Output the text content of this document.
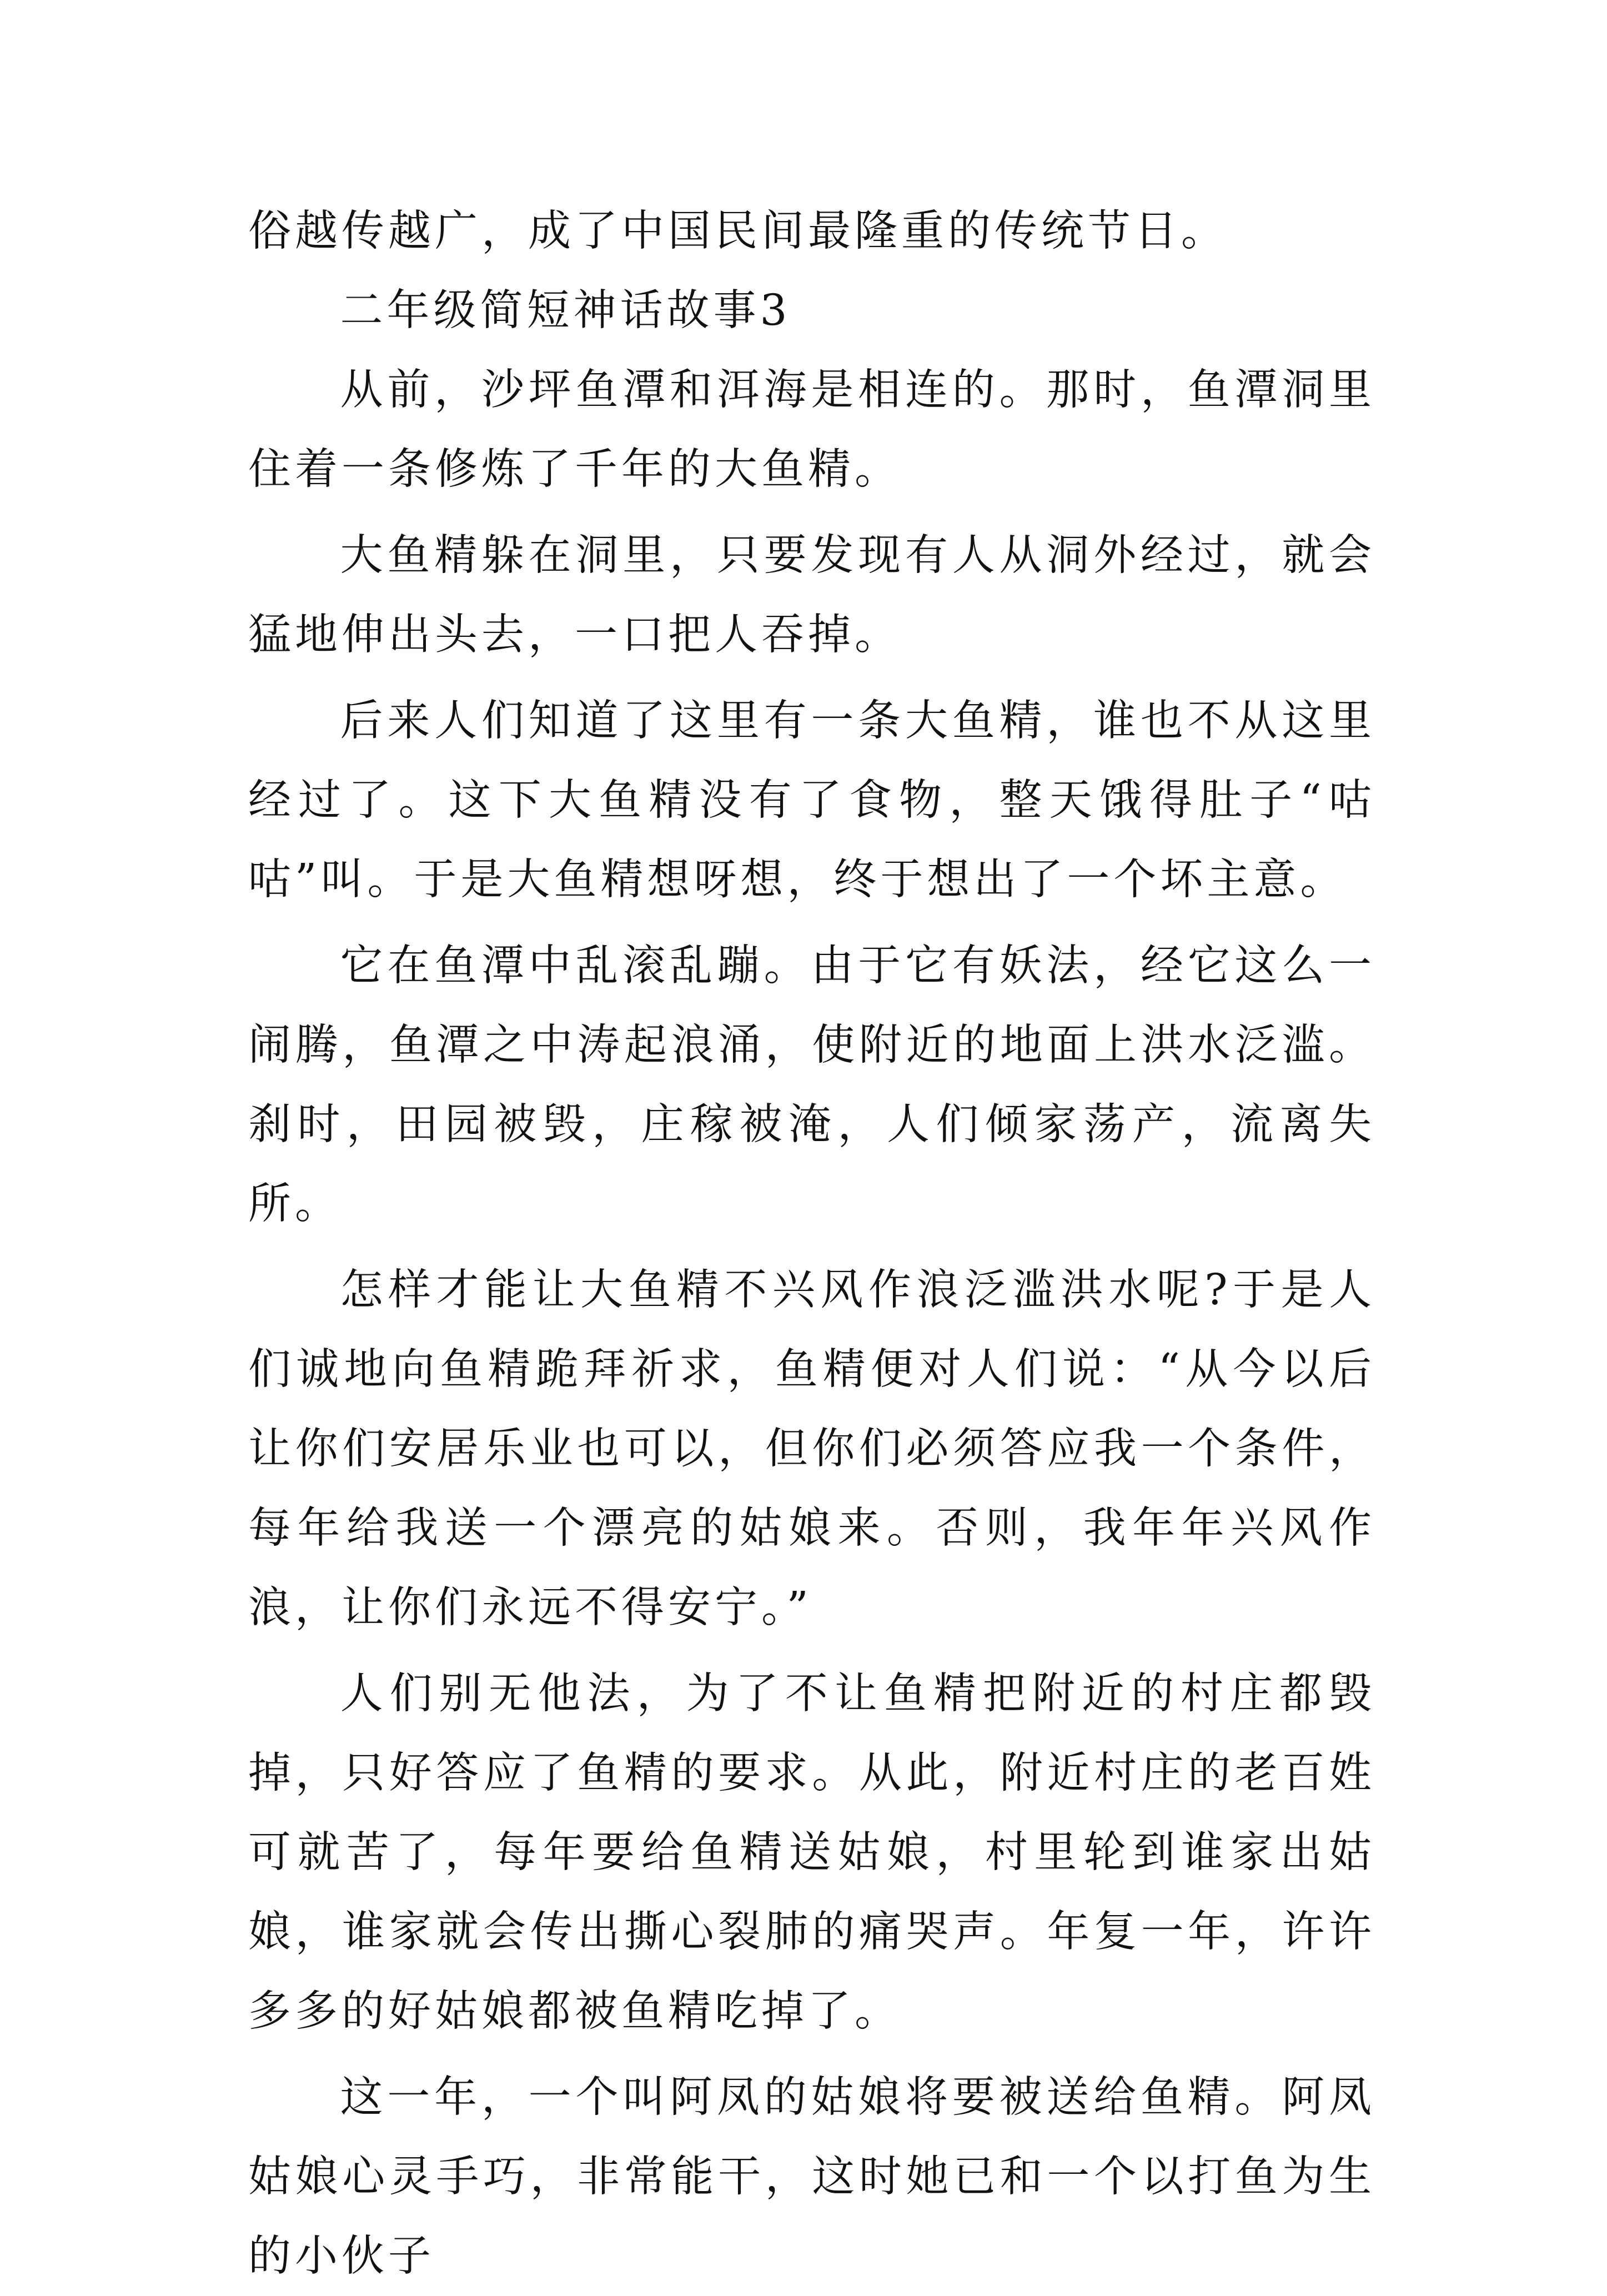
俗越传越广，成了中国民间最隆重的传统节日。

二年级简短神话故事3

从前，沙坪鱼潭和洱海是相连的。那时，鱼潭洞里住着一条修炼了千年的大鱼精。

大鱼精躲在洞里，只要发现有人从洞外经过，就会猛地伸出头去，一口把人吞掉。

后来人们知道了这里有一条大鱼精，谁也不从这里经过了。这下大鱼精没有了食物，整天饿得肚子“咕咕”叫。于是大鱼精想呀想，终于想出了一个坏主意。

它在鱼潭中乱滚乱蹦。由于它有妖法，经它这么一闹腾，鱼潭之中涛起浪涌，使附近的地面上洪水泛滥。刹时，田园被毁，庄稼被淹，人们倾家荡产，流离失所。

怎样才能让大鱼精不兴风作浪泛滥洪水呢?于是人们诚地向鱼精跪拜祈求，鱼精便对人们说：“从今以后让你们安居乐业也可以，但你们必须答应我一个条件，每年给我送一个漂亮的姑娘来。否则，我年年兴风作浪，让你们永远不得安宁。”

人们别无他法，为了不让鱼精把附近的村庄都毁掉，只好答应了鱼精的要求。从此，附近村庄的老百姓可就苦了，每年要给鱼精送姑娘，村里轮到谁家出姑娘，谁家就会传出撕心裂肺的痛哭声。年复一年，许许多多的好姑娘都被鱼精吃掉了。

这一年，一个叫阿凤的姑娘将要被送给鱼精。阿凤姑娘心灵手巧，非常能干，这时她已和一个以打鱼为生的小伙子
